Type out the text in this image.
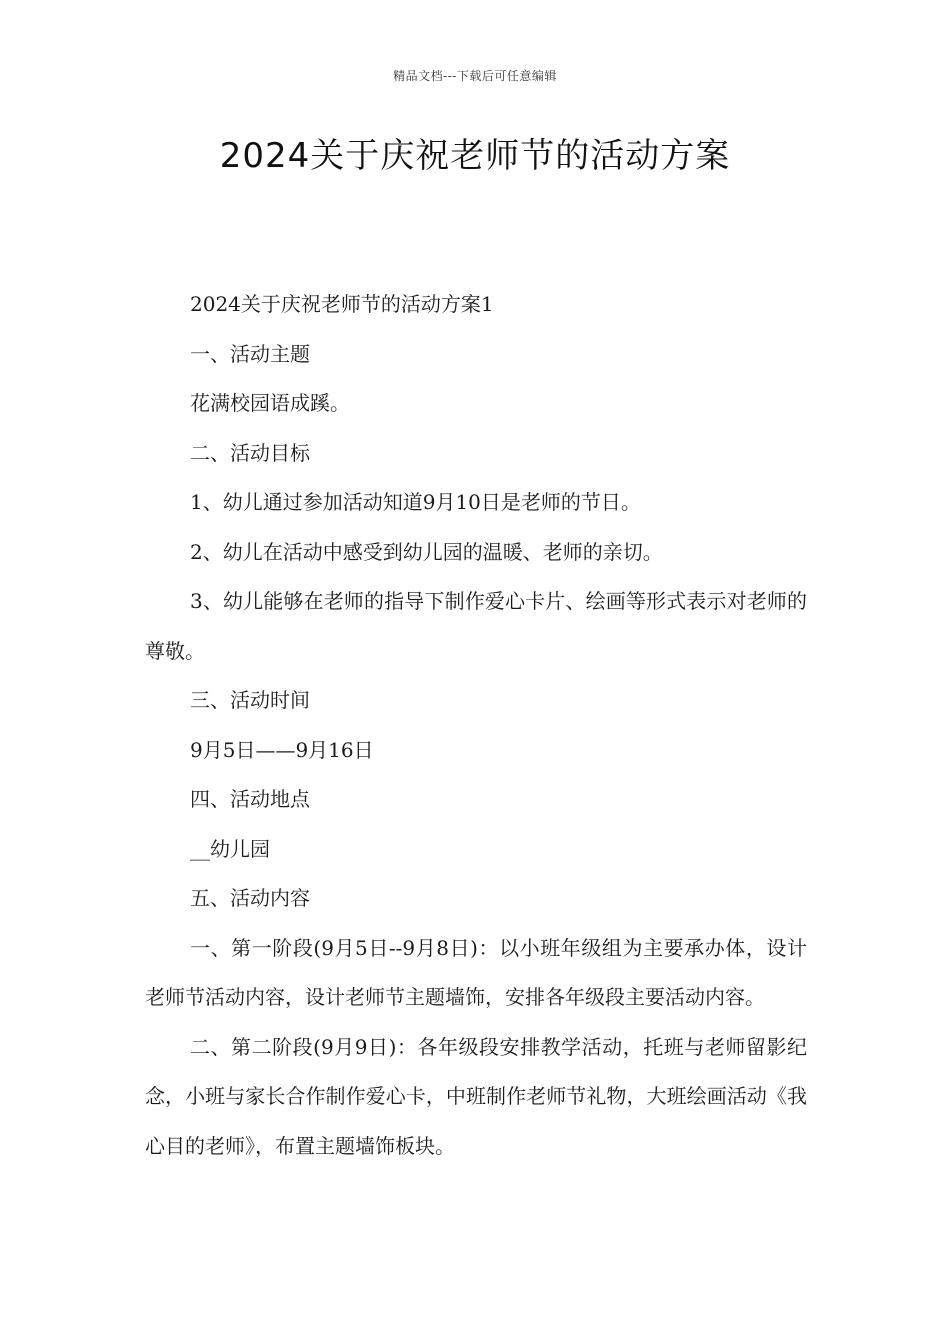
精品文档---下载后可任意编辑
2024关于庆祝老师节的活动方案

2024关于庆祝老师节的活动方案1

一、活动主题

花满校园语成蹊。

二、活动目标

1、幼儿通过参加活动知道9月10日是老师的节日。

2、幼儿在活动中感受到幼儿园的温暖、老师的亲切。

3、幼儿能够在老师的指导下制作爱心卡片、绘画等形式表示对老师的尊敬。

三、活动时间

9月5日——9月16日

四、活动地点

__幼儿园

五、活动内容

一、第一阶段(9月5日--9月8日)：以小班年级组为主要承办体，设计老师节活动内容，设计老师节主题墙饰，安排各年级段主要活动内容。

二、第二阶段(9月9日)：各年级段安排教学活动，托班与老师留影纪念，小班与家长合作制作爱心卡，中班制作老师节礼物，大班绘画活动《我心目的老师》，布置主题墙饰板块。
